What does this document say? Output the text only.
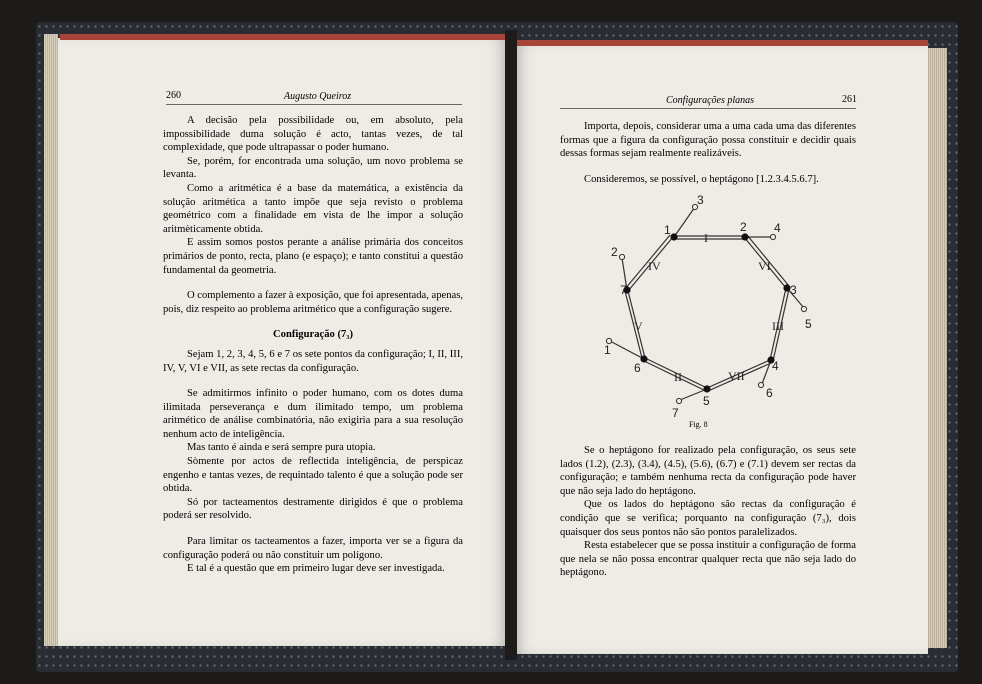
260	Augusto Queiroz

A decisão pela possibilidade ou, em absoluto, pela impossibilidade duma solução é acto, tantas vezes, de tal complexidade, que pode ultrapassar o poder humano.

Se, porém, for encontrada uma solução, um novo problema se levanta.

Como a aritmética é a base da matemática, a existência da solução aritmética a tanto impõe que seja revisto o problema geométrico com a finalidade em vista de lhe impor a solução aritmèticamente obtida.

E assim somos postos perante a análise primária dos conceitos primários de ponto, recta, plano (e espaço); e tanto constitui a questão fundamental da geometria.

O complemento a fazer à exposição, que foi apresentada, apenas, pois, diz respeito ao problema aritmético que a configuração sugere.

Configuração (7₃)

Sejam 1, 2, 3, 4, 5, 6 e 7 os sete pontos da configuração; I, II, III, IV, V, VI e VII, as sete rectas da configuração.

Se admitirmos infinito o poder humano, com os dotes duma ilimitada perseverança e dum ilimitado tempo, um problema aritmético de análise combinatória, não exigiria para a sua resolução nenhum acto de inteligência.

Mas tanto é ainda e será sempre pura utopia.

Sòmente por actos de reflectida inteligência, de perspicaz engenho e tantas vezes, de requintado talento é que a solução pode ser obtida.

Só por tacteamentos destramente dirigidos é que o problema poderá ser resolvido.

Para limitar os tacteamentos a fazer, importa ver se a figura da configuração poderá ou não constituir um polígono.

E tal é a questão que em primeiro lugar deve ser investigada.

Configurações planas	261

Importa, depois, considerar uma a uma cada uma das diferentes formas que a figura da configuração possa constituir e decidir quais dessas formas sejam realmente realizáveis.

Consideremos, se possível, o heptágono [1.2.3.4.5.6.7].

1	2
3
4
5
6
7
1
2
3
4
5
6
7
I
II
III
IV
V
VI
VII
Fig. 8

Se o heptágono for realizado pela configuração, os seus sete lados (1.2), (2.3), (3.4), (4.5), (5.6), (6.7) e (7.1) devem ser rectas da configuração; e também nenhuma recta da configuração pode haver que não seja lado do heptágono.

Que os lados do heptágono são rectas da configuração é condição que se verifica; porquanto na configuração (7₃), dois quaisquer dos seus pontos não são pontos paralelizados.

Resta estabelecer que se possa instituir a configuração de forma que nela se não possa encontrar qualquer recta que não seja lado do heptágono.
